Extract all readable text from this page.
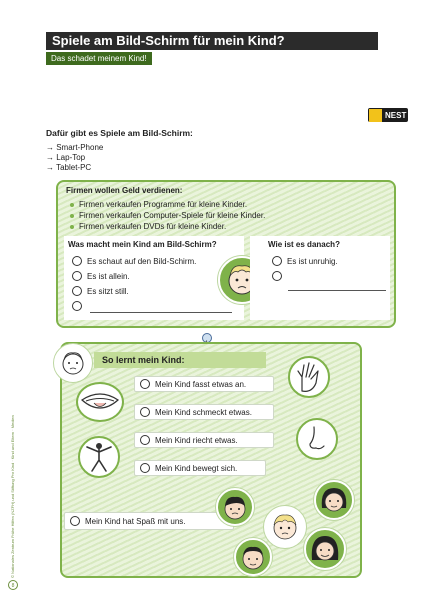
Spiele am Bild-Schirm für mein Kind?
Das schadet meinem Kind!
NEST
Dafür gibt es Spiele am Bild-Schirm:
→ Smart-Phone
→ Lap-Top
→ Tablet-PC
Firmen wollen Geld verdienen:
Firmen verkaufen Programme für kleine Kinder.
Firmen verkaufen Computer-Spiele für kleine Kinder.
Firmen verkaufen DVDs für kleine Kinder.
Was macht mein Kind am Bild-Schirm?
Es schaut auf den Bild-Schirm.
Es ist allein.
Es sitzt still.
Wie ist es danach?
Es ist unruhig.
So lernt mein Kind:
Mein Kind fasst etwas an.
Mein Kind schmeckt etwas.
Mein Kind riecht etwas.
Mein Kind bewegt sich.
Mein Kind hat Spaß mit uns.
© Nationales Zentrum Frühe Hilfen (NZFH) und Stiftung Pro Kind · Kind und Eltern · Medien
8
